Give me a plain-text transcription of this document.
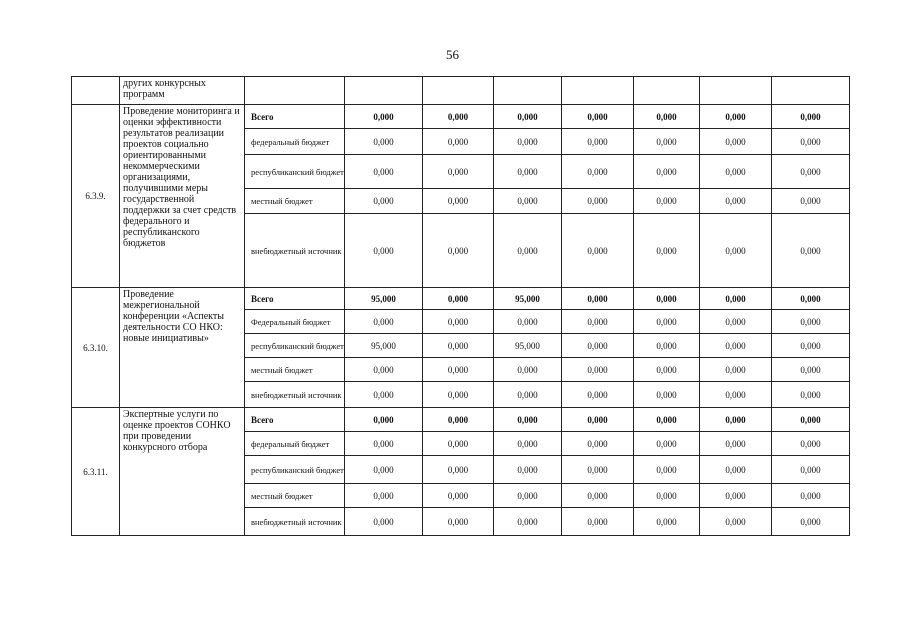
56
	других конкурсных программ								
6.3.9.	Проведение мониторинга и оценки эффективности результатов реализации проектов социально ориентированными некоммерческими организациями, получившими меры государственной поддержки за счет средств федерального и республиканского бюджетов	Всего	0,000	0,000	0,000	0,000	0,000	0,000	0,000
		федеральный бюджет	0,000	0,000	0,000	0,000	0,000	0,000	0,000
		республиканский бюджет	0,000	0,000	0,000	0,000	0,000	0,000	0,000
		местный бюджет	0,000	0,000	0,000	0,000	0,000	0,000	0,000
		внебюджетный источник	0,000	0,000	0,000	0,000	0,000	0,000	0,000
6.3.10.	Проведение межрегиональной конференции «Аспекты деятельности СО НКО: новые инициативы»	Всего	95,000	0,000	95,000	0,000	0,000	0,000	0,000
		Федеральный бюджет	0,000	0,000	0,000	0,000	0,000	0,000	0,000
		республиканский бюджет	95,000	0,000	95,000	0,000	0,000	0,000	0,000
		местный бюджет	0,000	0,000	0,000	0,000	0,000	0,000	0,000
		внебюджетный источник	0,000	0,000	0,000	0,000	0,000	0,000	0,000
6.3.11.	Экспертные услуги по оценке проектов СОНКО при проведении конкурсного отбора	Всего	0,000	0,000	0,000	0,000	0,000	0,000	0,000
		федеральный бюджет	0,000	0,000	0,000	0,000	0,000	0,000	0,000
		республиканский бюджет	0,000	0,000	0,000	0,000	0,000	0,000	0,000
		местный бюджет	0,000	0,000	0,000	0,000	0,000	0,000	0,000
		внебюджетный источник	0,000	0,000	0,000	0,000	0,000	0,000	0,000
